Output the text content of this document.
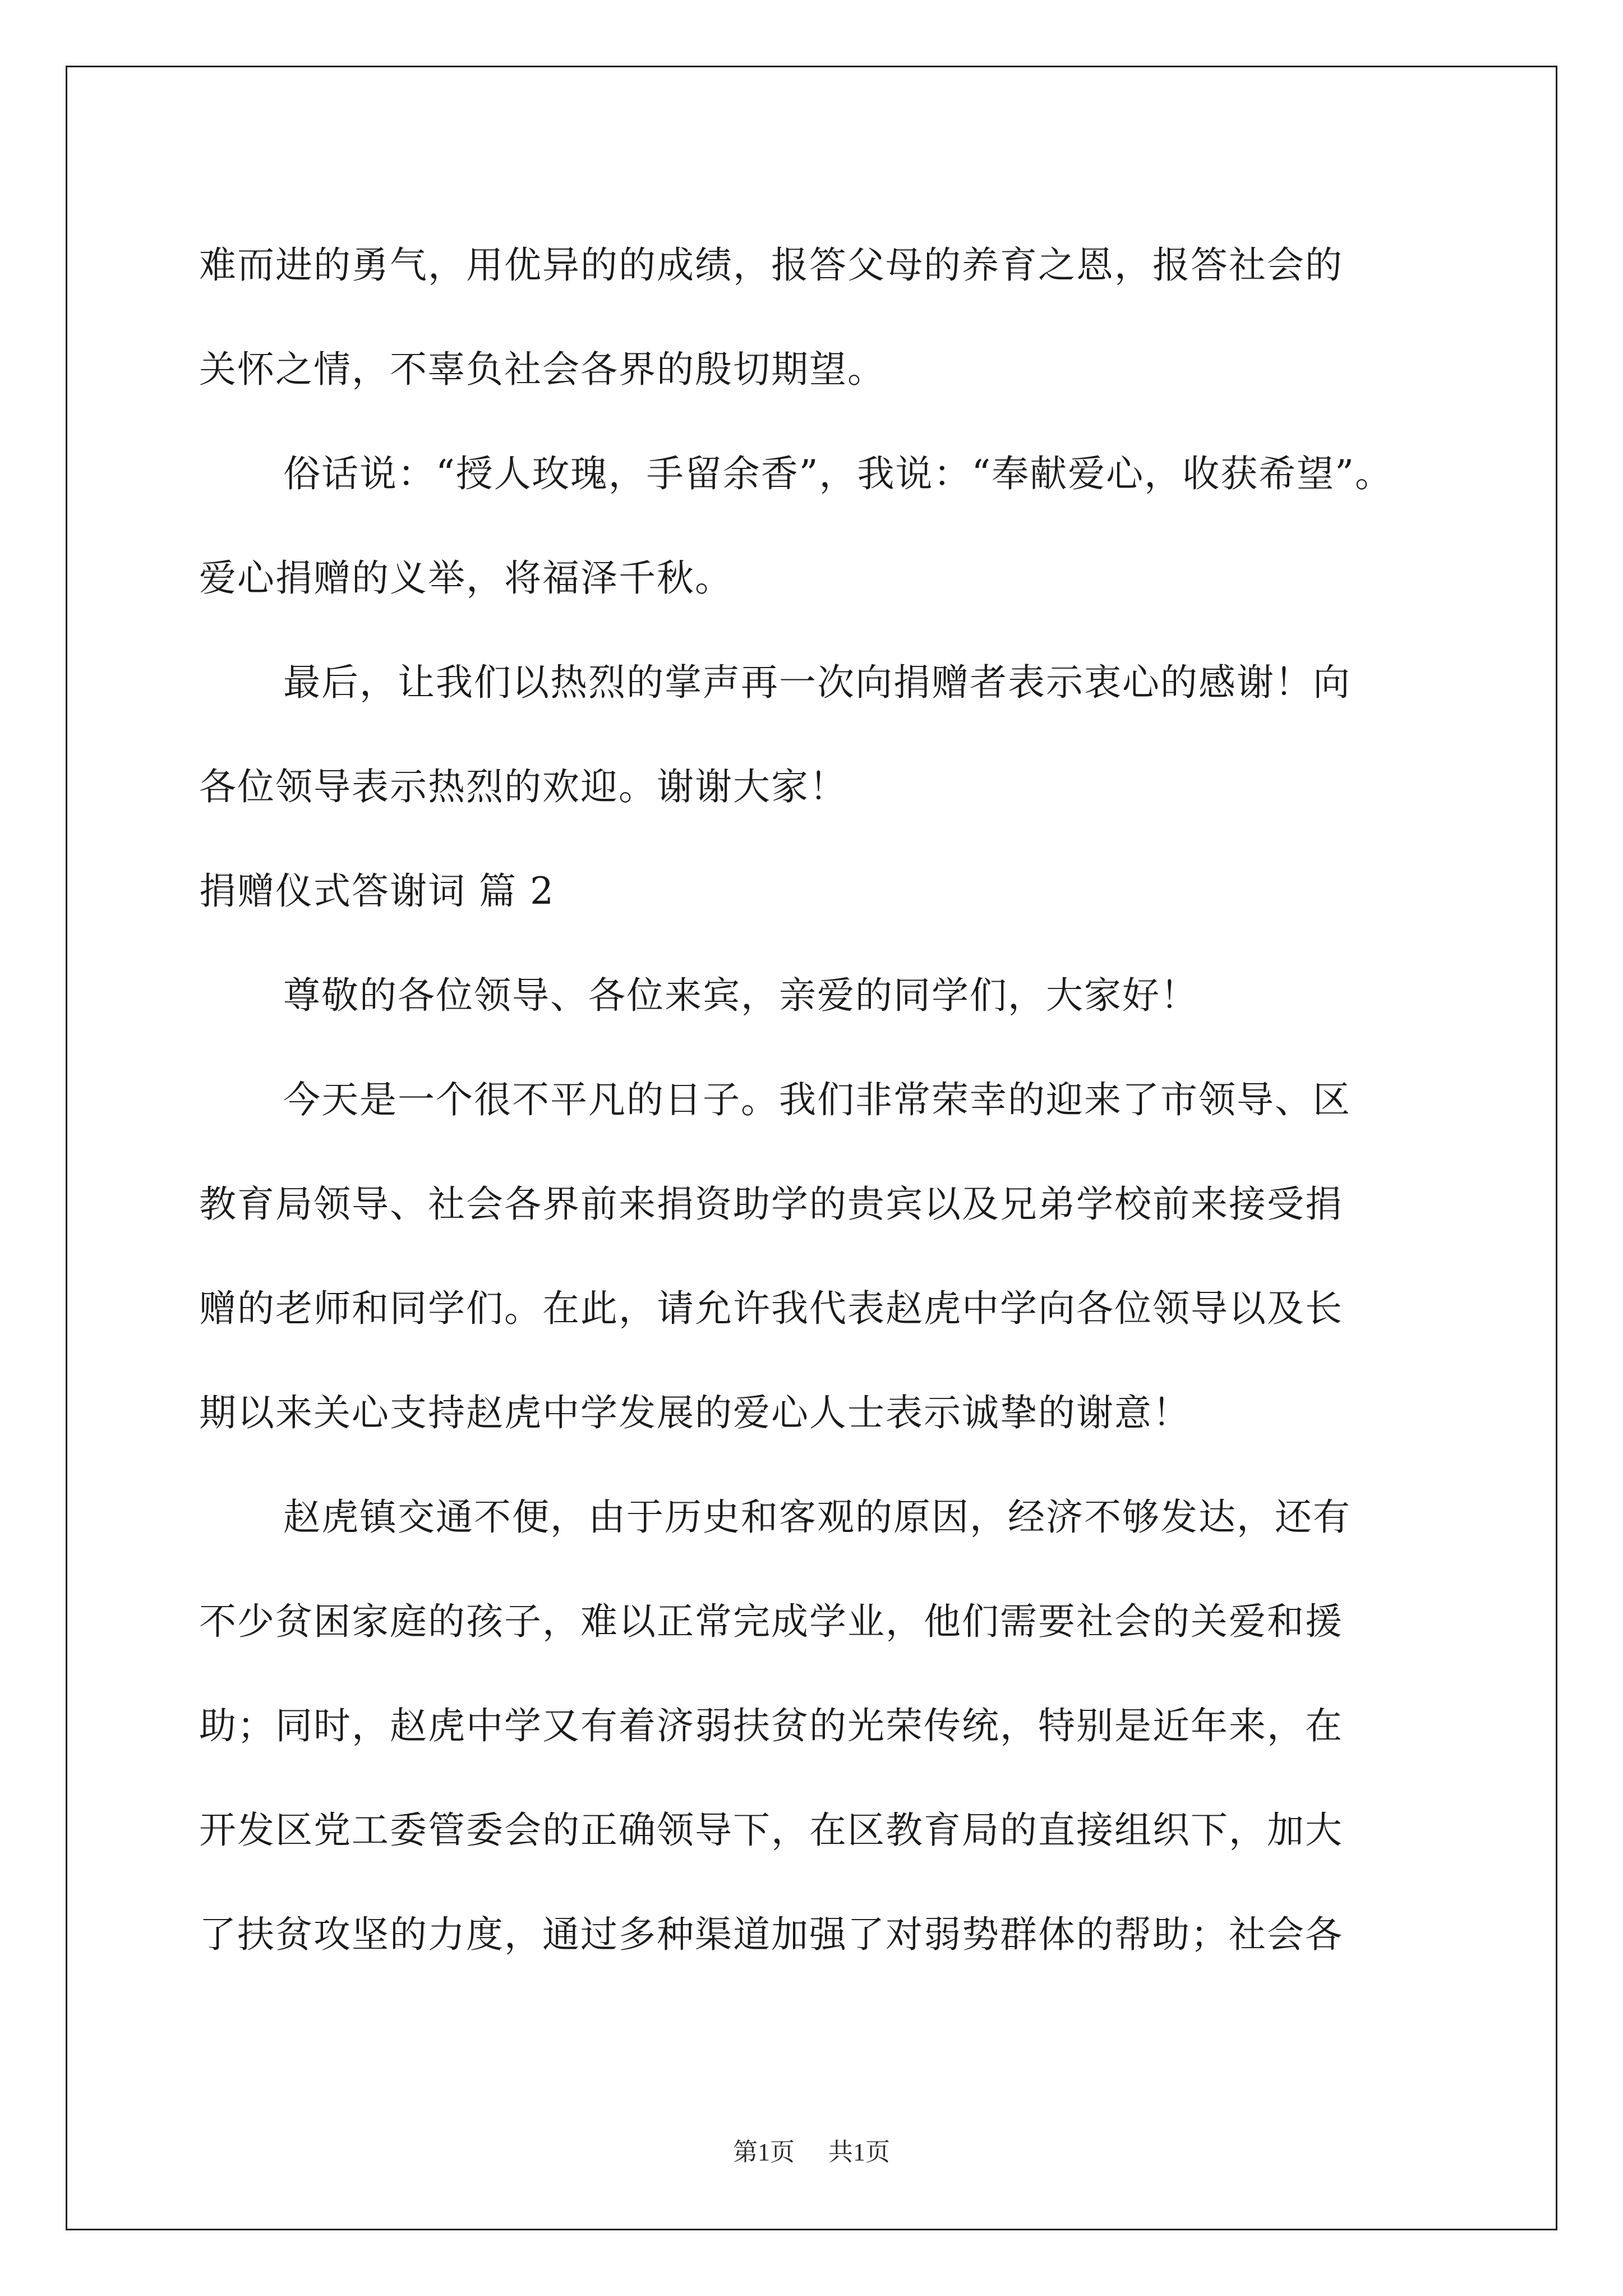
难而进的勇气，用优异的的成绩，报答父母的养育之恩，报答社会的
关怀之情，不辜负社会各界的殷切期望。
俗话说：“授人玫瑰，手留余香”，我说：“奉献爱心，收获希望”。
爱心捐赠的义举，将福泽千秋。
最后，让我们以热烈的掌声再一次向捐赠者表示衷心的感谢！向
各位领导表示热烈的欢迎。谢谢大家！
捐赠仪式答谢词 篇 2
尊敬的各位领导、各位来宾，亲爱的同学们，大家好！
今天是一个很不平凡的日子。我们非常荣幸的迎来了市领导、区
教育局领导、社会各界前来捐资助学的贵宾以及兄弟学校前来接受捐
赠的老师和同学们。在此，请允许我代表赵虎中学向各位领导以及长
期以来关心支持赵虎中学发展的爱心人士表示诚挚的谢意！
赵虎镇交通不便，由于历史和客观的原因，经济不够发达，还有
不少贫困家庭的孩子，难以正常完成学业，他们需要社会的关爱和援
助；同时，赵虎中学又有着济弱扶贫的光荣传统，特别是近年来，在
开发区党工委管委会的正确领导下，在区教育局的直接组织下，加大
了扶贫攻坚的力度，通过多种渠道加强了对弱势群体的帮助；社会各
第1页 共1页
